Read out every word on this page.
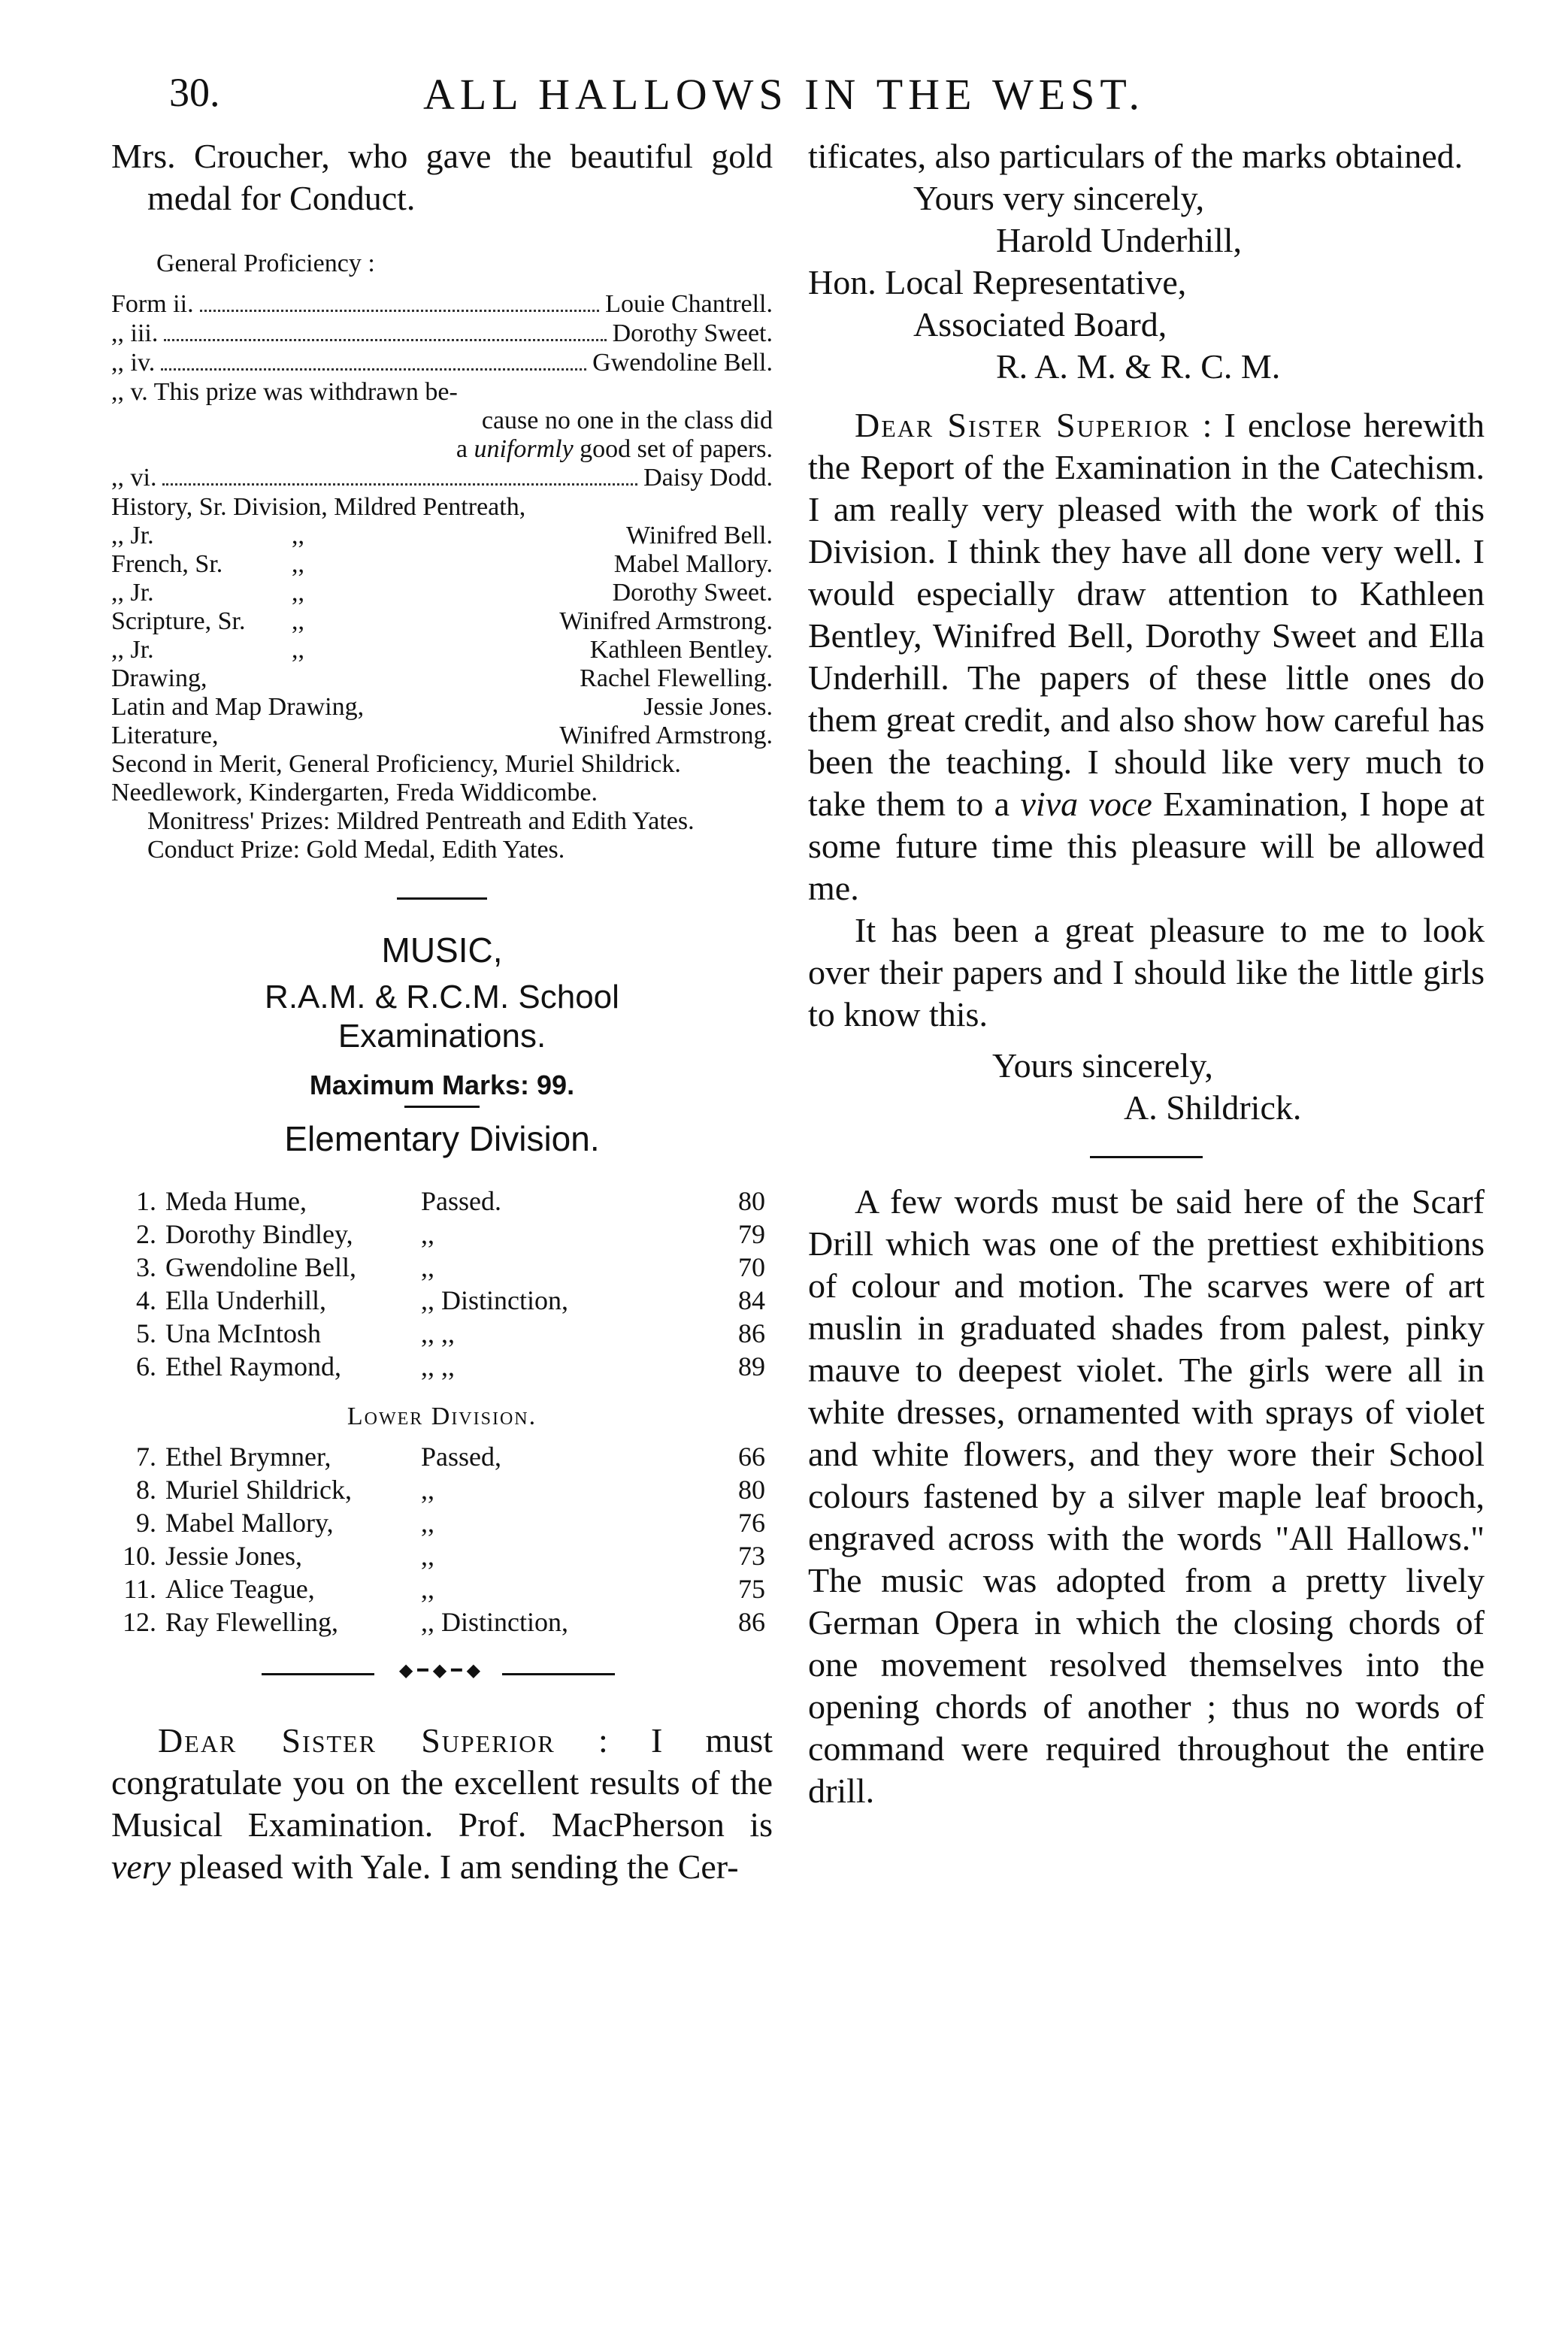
30.	ALL HALLOWS IN THE WEST.

Mrs. Croucher, who gave the beautiful gold medal for Conduct.

General Proficiency :
Form ii.	Louie Chantrell.
,, iii.	Dorothy Sweet.
,, iv.	Gwendoline Bell.
,, v. This prize was withdrawn be-
cause no one in the class did
a uniformly good set of papers.
,, vi.	Daisy Dodd.
History, Sr. Division, Mildred Pentreath,
,, Jr.	,,	Winifred Bell.
French, Sr.	,,	Mabel Mallory.
,, Jr.	,,	Dorothy Sweet.
Scripture, Sr.	,,	Winifred Armstrong.
,, Jr.	,,	Kathleen Bentley.
Drawing,	Rachel Flewelling.
Latin and Map Drawing,	Jessie Jones.
Literature,	Winifred Armstrong.
Second in Merit, General Proficiency, Muriel Shildrick.
Needlework, Kindergarten, Freda Widdicombe.
Monitress' Prizes: Mildred Pentreath and Edith Yates.
Conduct Prize: Gold Medal, Edith Yates.
MUSIC,
R.A.M. & R.C.M. School
Examinations.
Maximum Marks: 99.
Elementary Division.
1. Meda Hume,	Passed.	80
2. Dorothy Bindley,	,,	79
3. Gwendoline Bell,	,,	70
4. Ella Underhill,	,, Distinction,	84
5. Una McIntosh	,, ,,	86
6. Ethel Raymond,	,, ,,	89
Lower Division.
7. Ethel Brymner,	Passed,	66
8. Muriel Shildrick,	,,	80
9. Mabel Mallory,	,,	76
10. Jessie Jones,	,,	73
11. Alice Teague,	,,	75
12. Ray Flewelling,	,, Distinction,	86
◆━◆━◆

Dear Sister Superior : I must congratulate you on the excellent results of the Musical Examination. Prof. MacPherson is very pleased with Yale. I am sending the Cer-

tificates, also particulars of the marks obtained.

Yours very sincerely,

Harold Underhill,

Hon. Local Representative,

Associated Board,

R. A. M. & R. C. M.

Dear Sister Superior : I enclose herewith the Report of the Examination in the Catechism. I am really very pleased with the work of this Division. I think they have all done very well. I would especially draw attention to Kathleen Bentley, Winifred Bell, Dorothy Sweet and Ella Underhill. The papers of these little ones do them great credit, and also show how careful has been the teaching. I should like very much to take them to a viva voce Examination, I hope at some future time this pleasure will be allowed me.

It has been a great pleasure to me to look over their papers and I should like the little girls to know this.

Yours sincerely,

A. Shildrick.

A few words must be said here of the Scarf Drill which was one of the prettiest exhibitions of colour and motion. The scarves were of art muslin in graduated shades from palest, pinky mauve to deepest violet. The girls were all in white dresses, ornamented with sprays of violet and white flowers, and they wore their School colours fastened by a silver maple leaf brooch, engraved across with the words "All Hallows." The music was adopted from a pretty lively German Opera in which the closing chords of one movement resolved themselves into the opening chords of another ; thus no words of command were required throughout the entire drill.
